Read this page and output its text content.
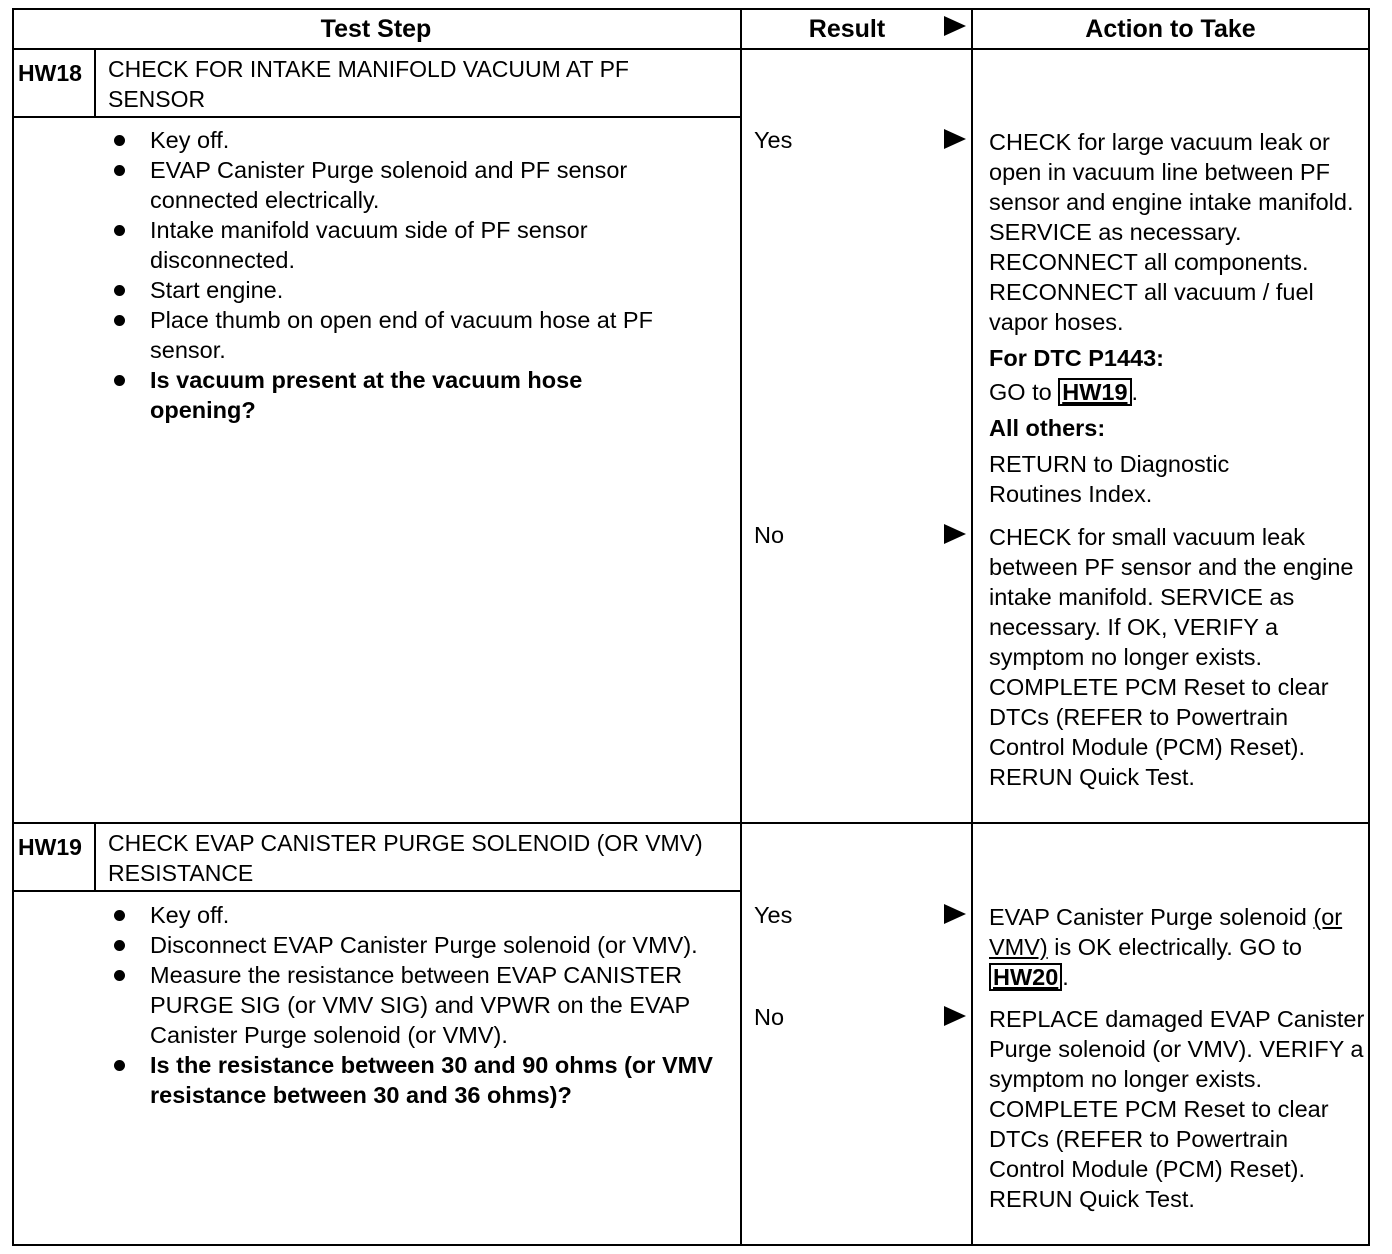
Test Step	Result	Action to Take
HW18 CHECK FOR INTAKE MANIFOLD VACUUM AT PF SENSOR
Key off.
EVAP Canister Purge solenoid and PF sensor connected electrically.
Intake manifold vacuum side of PF sensor disconnected.
Start engine.
Place thumb on open end of vacuum hose at PF sensor.
Is vacuum present at the vacuum hose opening?
Yes	CHECK for large vacuum leak or open in vacuum line between PF sensor and engine intake manifold. SERVICE as necessary. RECONNECT all components. RECONNECT all vacuum / fuel vapor hoses.

For DTC P1443:

GO to HW19 .

All others:

RETURN to Diagnostic Routines Index.

No	CHECK for small vacuum leak between PF sensor and the engine intake manifold. SERVICE as necessary. If OK, VERIFY a symptom no longer exists. COMPLETE PCM Reset to clear DTCs (REFER to Powertrain Control Module (PCM) Reset). RERUN Quick Test.
HW19 CHECK EVAP CANISTER PURGE SOLENOID (OR VMV) RESISTANCE
Key off.
Disconnect EVAP Canister Purge solenoid (or VMV).
Measure the resistance between EVAP CANISTER PURGE SIG (or VMV SIG) and VPWR on the EVAP Canister Purge solenoid (or VMV).
Is the resistance between 30 and 90 ohms (or VMV resistance between 30 and 36 ohms)?
Yes	EVAP Canister Purge solenoid (or VMV) is OK electrically. GO to HW20 .
No	REPLACE damaged EVAP Canister Purge solenoid (or VMV). VERIFY a symptom no longer exists. COMPLETE PCM Reset to clear DTCs (REFER to Powertrain Control Module (PCM) Reset). RERUN Quick Test.
